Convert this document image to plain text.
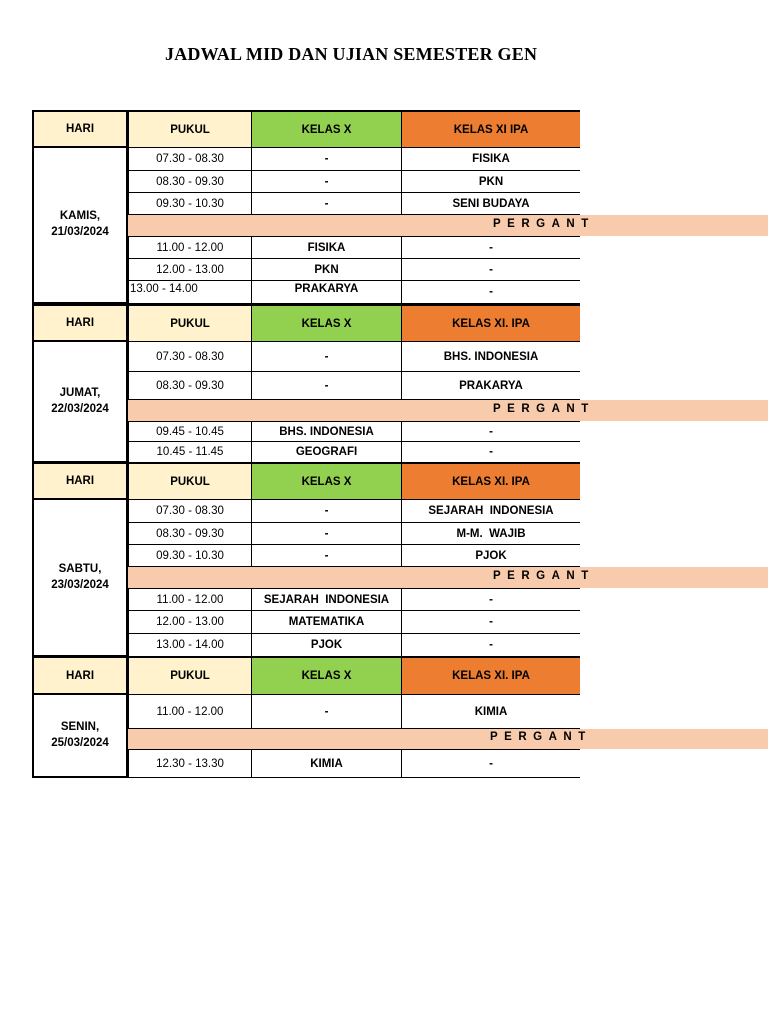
JADWAL MID DAN UJIAN SEMESTER GEN
HARI	PUKUL	KELAS X	KELAS XI IPA
KAMIS,
21/03/2024
07.30 - 08.30	-	FISIKA
08.30 - 09.30	-	PKN
09.30 - 10.30	-	SENI BUDAYA
PERGANT
11.00 - 12.00	FISIKA	-
12.00 - 13.00	PKN	-
13.00 - 14.00	PRAKARYA	-
HARI	PUKUL	KELAS X	KELAS XI. IPA
JUMAT,
22/03/2024
07.30 - 08.30	-	BHS. INDONESIA
08.30 - 09.30	-	PRAKARYA
PERGANT
09.45 - 10.45	BHS. INDONESIA	-
10.45 - 11.45	GEOGRAFI	-
HARI	PUKUL	KELAS X	KELAS XI. IPA
SABTU,
23/03/2024
07.30 - 08.30	-	SEJARAH  INDONESIA
08.30 - 09.30	-	M-M.  WAJIB
09.30 - 10.30	-	PJOK
PERGANT
11.00 - 12.00	SEJARAH  INDONESIA	-
12.00 - 13.00	MATEMATIKA	-
13.00 - 14.00	PJOK	-
HARI	PUKUL	KELAS X	KELAS XI. IPA
SENIN,
25/03/2024
11.00 - 12.00	-	KIMIA
PERGANT
12.30 - 13.30	KIMIA	-
